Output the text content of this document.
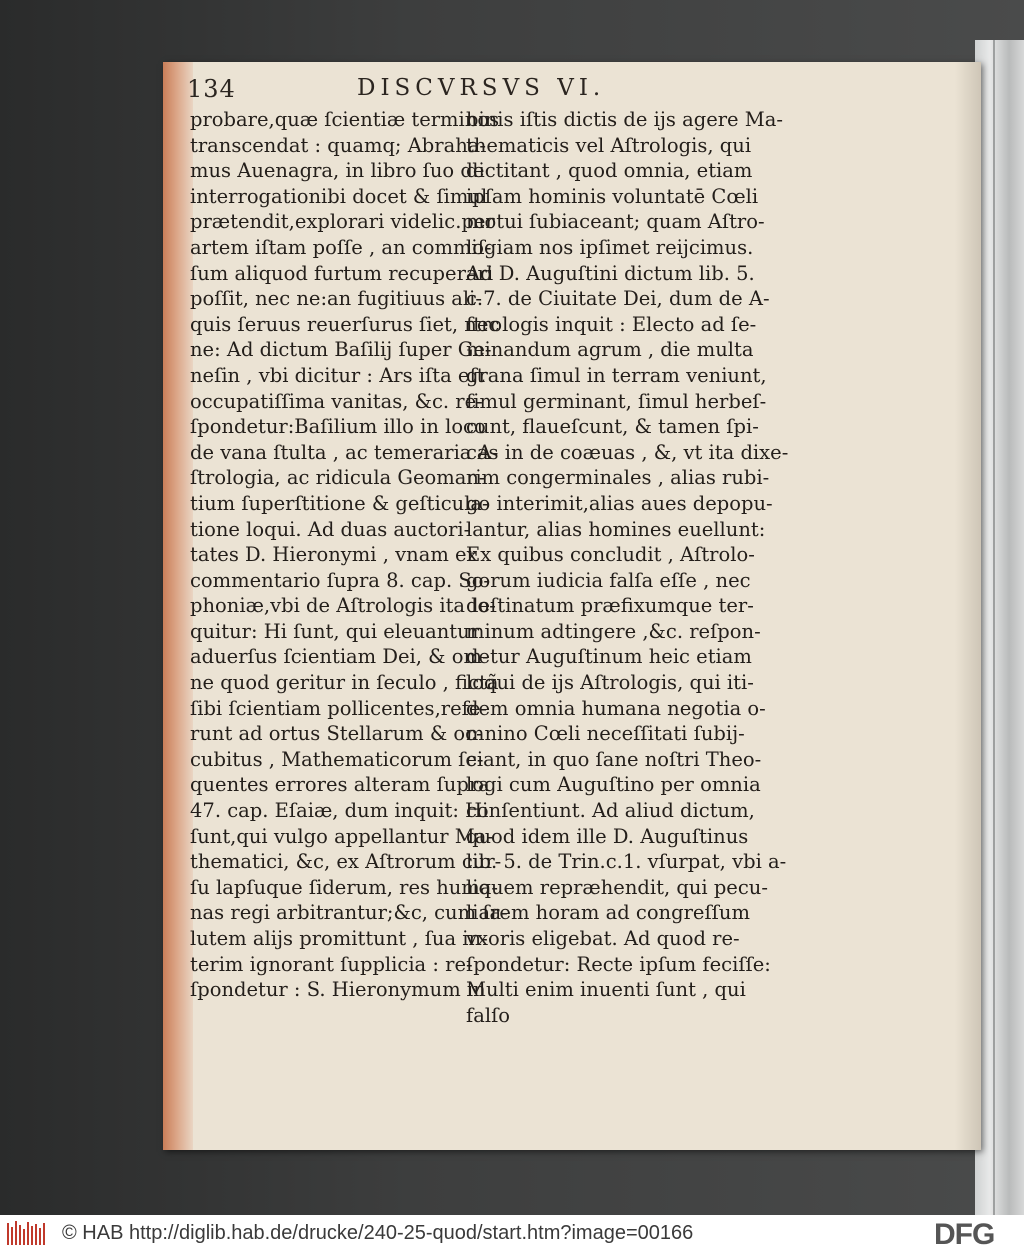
134	DISCVRSVS VI.
probare,quæ ſcientiæ terminos
transcendat : quamq; Abraha-
mus Auenagra, in libro ſuo de
interrogationibi docet & ſimul
prætendit,explorari videlic.per
artem iſtam poſſe , an commiſ-
ſum aliquod furtum recuperari
poſſit, nec ne:an fugitiuus ali-
quis ſeruus reuerſurus ſiet, nec
ne: Ad dictum Baſilij ſuper Ge-
neſin , vbi dicitur : Ars iſta eſt
occupatiſſima vanitas, &c. re-
ſpondetur:Baſilium illo in loco
de vana ſtulta , ac temeraria A-
ſtrologia, ac ridicula Geoman-
tium ſuperſtitione & geſticula-
tione loqui. Ad duas auctori-
tates D. Hieronymi , vnam ex
commentario ſupra 8. cap. So-
phoniæ,vbi de Aſtrologis ita lo-
quitur: Hi ſunt, qui eleuantur
aduerſus ſcientiam Dei, & om-
ne quod geritur in ſeculo , fictã
ſibi ſcientiam pollicentes,refe-
runt ad ortus Stellarum & oc-
cubitus , Mathematicorum ſe-
quentes errores alteram ſupra
47. cap. Eſaiæ, dum inquit: Hi
ſunt,qui vulgo appellantur Ma-
thematici, &c, ex Aſtrorum cur-
ſu lapſuque ſiderum, res huma-
nas regi arbitrantur;&c, cum ſa-
lutem alijs promittunt , ſua in-
terim ignorant ſupplicia : re-
ſpondetur : S. Hieronymum in
binis iſtis dictis de ijs agere Ma-
thematicis vel Aſtrologis, qui
dictitant , quod omnia, etiam
ipſam hominis voluntatē Cœli
motui ſubiaceant; quam Aſtro-
logiam nos ipſimet reijcimus.
Ad D. Auguſtini dictum lib. 5.
c.7. de Ciuitate Dei, dum de A-
ſtrologis inquit : Electo ad ſe-
minandum agrum , die multa
grana ſimul in terram veniunt,
ſimul germinant, ſimul herbeſ-
cunt, flaueſcunt, & tamen ſpi-
cas in de coæuas , &, vt ita dixe-
rim congerminales , alias rubi-
go interimit,alias aues depopu-
lantur, alias homines euellunt:
Ex quibus concludit , Aſtrolo-
gorum iudicia falſa eſſe , nec
deſtinatum præfixumque ter-
minum adtingere ,&c. reſpon-
detur Auguſtinum heic etiam
loqui de ijs Aſtrologis, qui iti-
dem omnia humana negotia o-
mnino Cœli neceſſitati ſubij-
ciant, in quo ſane noſtri Theo-
logi cum Auguſtino per omnia
conſentiunt. Ad aliud dictum,
quod idem ille D. Auguſtinus
lib. 5. de Trin.c.1. vſurpat, vbi a-
liquem repræhendit, qui pecu-
liarem horam ad congreſſum
vxoris eligebat. Ad quod re-
ſpondetur: Recte ipſum feciſſe:
Multi enim inuenti ſunt , qui
falſo
© HAB http://diglib.hab.de/drucke/240-25-quod/start.htm?image=00166	DFG
